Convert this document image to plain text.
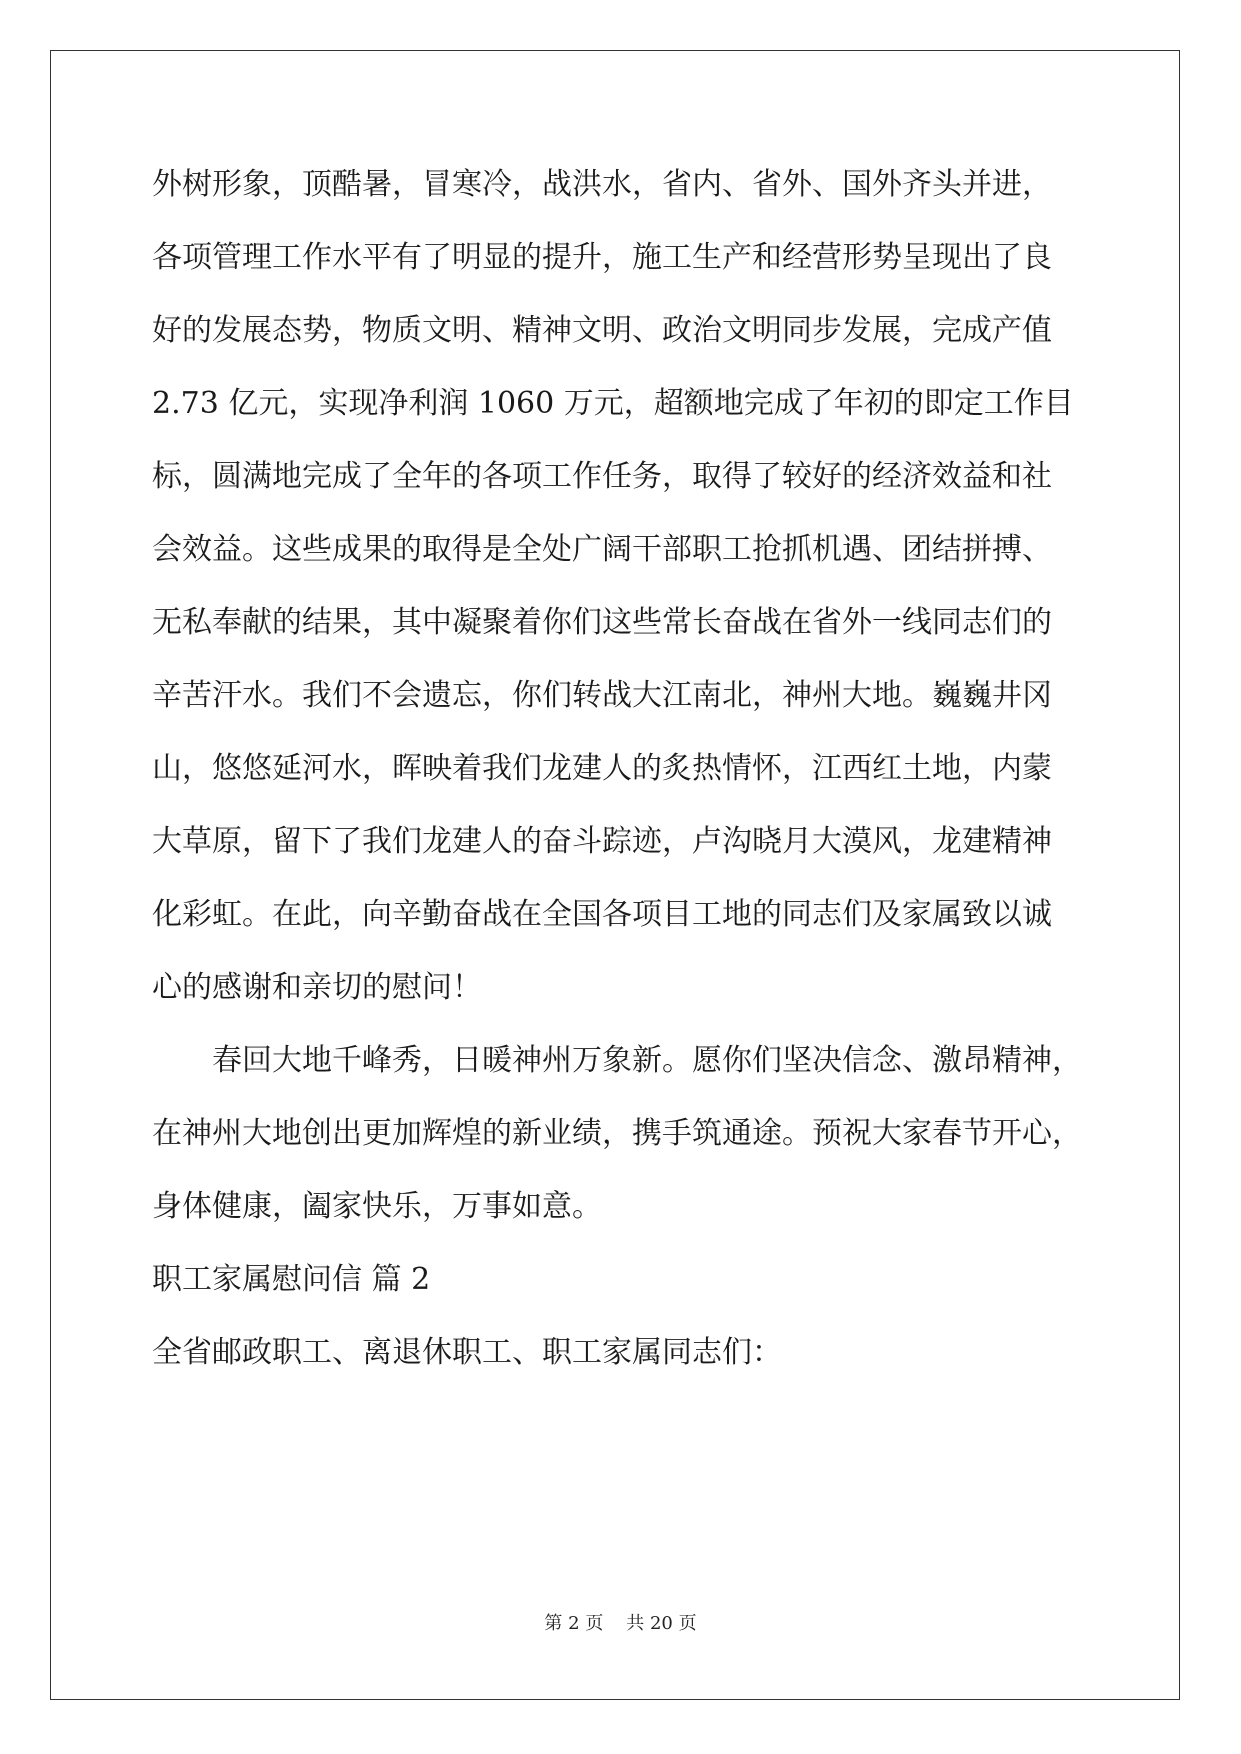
外树形象，顶酷暑，冒寒冷，战洪水，省内、省外、国外齐头并进，
各项管理工作水平有了明显的提升，施工生产和经营形势呈现出了良
好的发展态势，物质文明、精神文明、政治文明同步发展，完成产值
2.73 亿元，实现净利润 1060 万元，超额地完成了年初的即定工作目
标，圆满地完成了全年的各项工作任务，取得了较好的经济效益和社
会效益。这些成果的取得是全处广阔干部职工抢抓机遇、团结拼搏、
无私奉献的结果，其中凝聚着你们这些常长奋战在省外一线同志们的
辛苦汗水。我们不会遗忘，你们转战大江南北，神州大地。巍巍井冈
山，悠悠延河水，晖映着我们龙建人的炙热情怀，江西红土地，内蒙
大草原，留下了我们龙建人的奋斗踪迹，卢沟晓月大漠风，龙建精神
化彩虹。在此，向辛勤奋战在全国各项目工地的同志们及家属致以诚
心的感谢和亲切的慰问！
　　春回大地千峰秀，日暖神州万象新。愿你们坚决信念、激昂精神，
在神州大地创出更加辉煌的新业绩，携手筑通途。预祝大家春节开心，
身体健康，阖家快乐，万事如意。
职工家属慰问信 篇 2
全省邮政职工、离退休职工、职工家属同志们：
第 2 页 共 20 页
